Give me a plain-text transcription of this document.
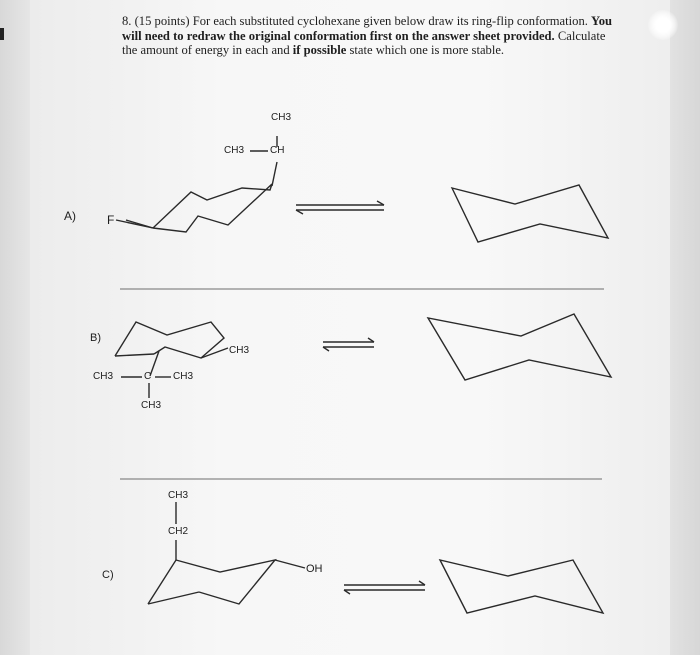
8. (15 points) For each substituted cyclohexane given below draw its ring-flip conformation. You will need to redraw the original conformation first on the answer sheet provided. Calculate the amount of energy in each and if possible state which one is more stable.
A)	F
CH3
CH3	CH
B)
CH3
CH3	C CH3
CH3
C)
CH3
CH2
OH
